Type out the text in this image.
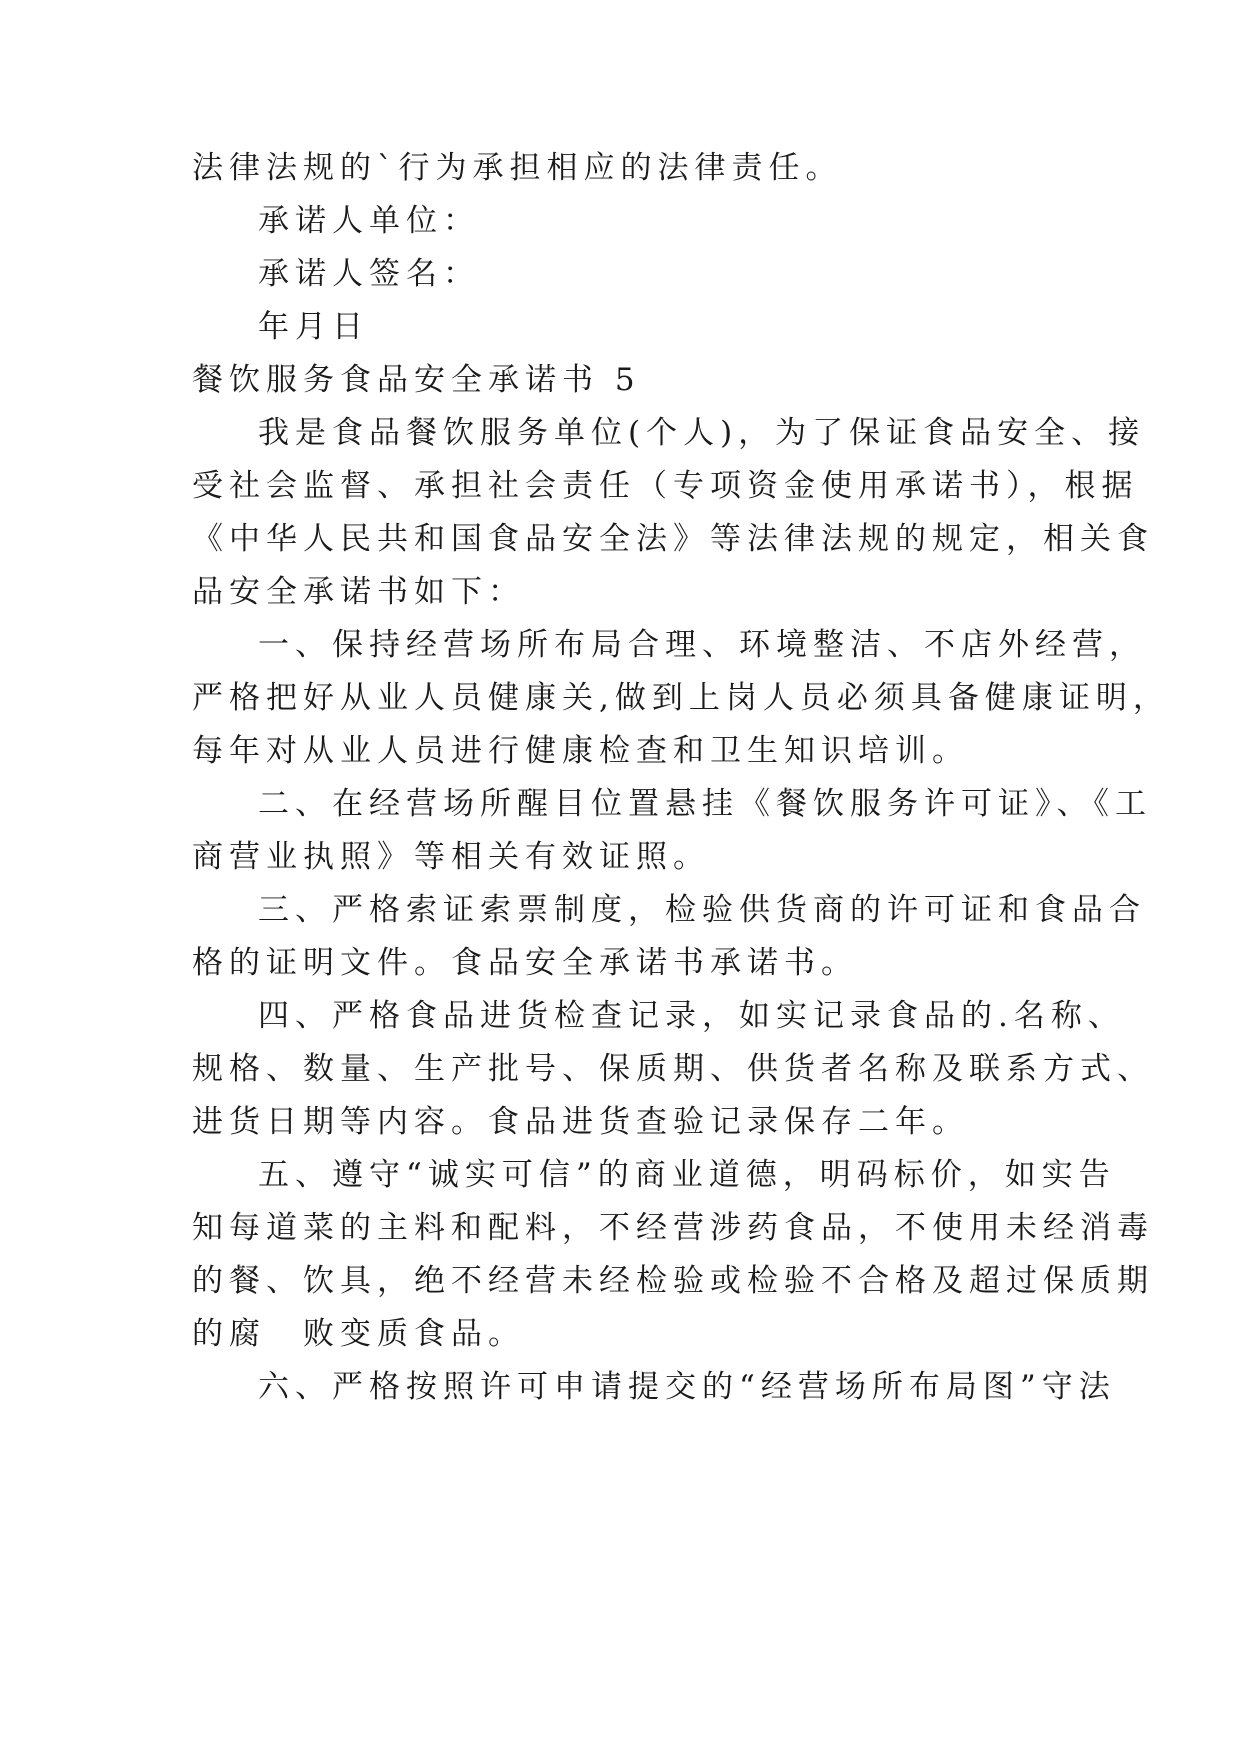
法律法规的`行为承担相应的法律责任。
承诺人单位：
承诺人签名：
年月日
餐饮服务食品安全承诺书 5
我是食品餐饮服务单位(个人)，为了保证食品安全、接
受社会监督、承担社会责任（专项资金使用承诺书），根据
《中华人民共和国食品安全法》等法律法规的规定，相关食
品安全承诺书如下：
一、保持经营场所布局合理、环境整洁、不店外经营，
严格把好从业人员健康关,做到上岗人员必须具备健康证明，
每年对从业人员进行健康检查和卫生知识培训。
二、在经营场所醒目位置悬挂《餐饮服务许可证》、《工
商营业执照》等相关有效证照。
三、严格索证索票制度，检验供货商的许可证和食品合
格的证明文件。食品安全承诺书承诺书。
四、严格食品进货检查记录，如实记录食品的.名称、
规格、数量、生产批号、保质期、供货者名称及联系方式、
进货日期等内容。食品进货查验记录保存二年。
五、遵守“诚实可信”的商业道德，明码标价，如实告
知每道菜的主料和配料，不经营涉药食品，不使用未经消毒
的餐、饮具，绝不经营未经检验或检验不合格及超过保质期
的腐　败变质食品。
六、严格按照许可申请提交的“经营场所布局图”守法
